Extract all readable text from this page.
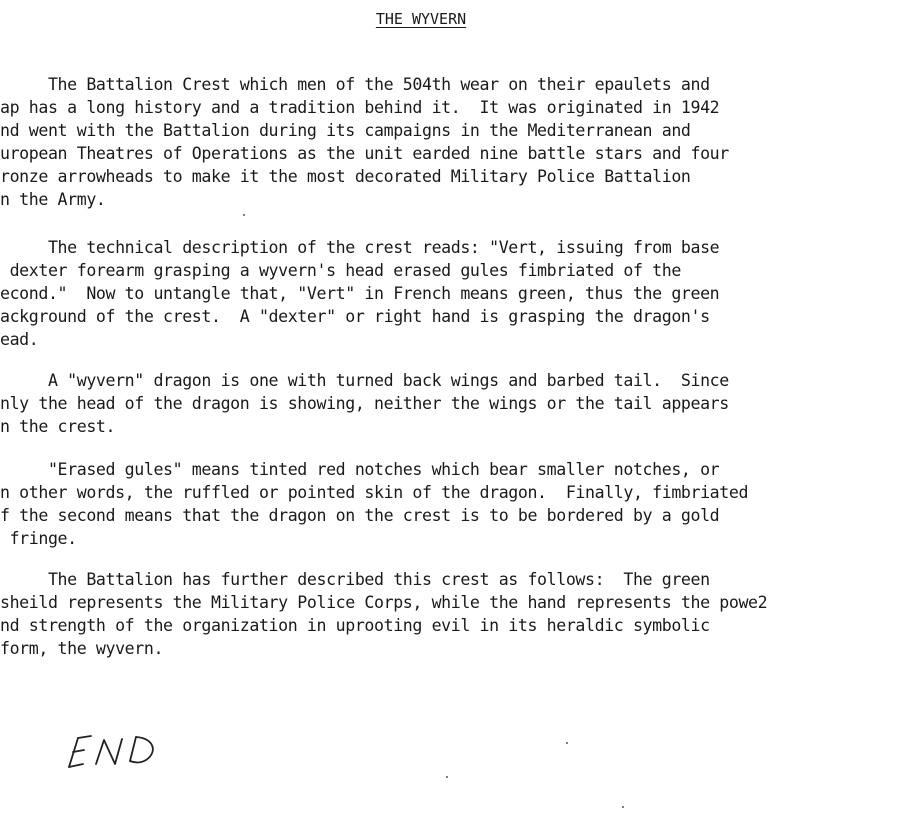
THE WYVERN
The Battalion Crest which men of the 504th wear on their epaulets and
ap has a long history and a tradition behind it.  It was originated in 1942
nd went with the Battalion during its campaigns in the Mediterranean and
uropean Theatres of Operations as the unit earded nine battle stars and four
ronze arrowheads to make it the most decorated Military Police Battalion
n the Army.
The technical description of the crest reads: "Vert, issuing from base
dexter forearm grasping a wyvern's head erased gules fimbriated of the
econd."  Now to untangle that, "Vert" in French means green, thus the green
ackground of the crest.  A "dexter" or right hand is grasping the dragon's
ead.
A "wyvern" dragon is one with turned back wings and barbed tail.  Since
nly the head of the dragon is showing, neither the wings or the tail appears
n the crest.
"Erased gules" means tinted red notches which bear smaller notches, or
n other words, the ruffled or pointed skin of the dragon.  Finally, fimbriated
f the second means that the dragon on the crest is to be bordered by a gold
fringe.
The Battalion has further described this crest as follows:  The green
sheild represents the Military Police Corps, while the hand represents the powe2
nd strength of the organization in uprooting evil in its heraldic symbolic
form, the wyvern.
